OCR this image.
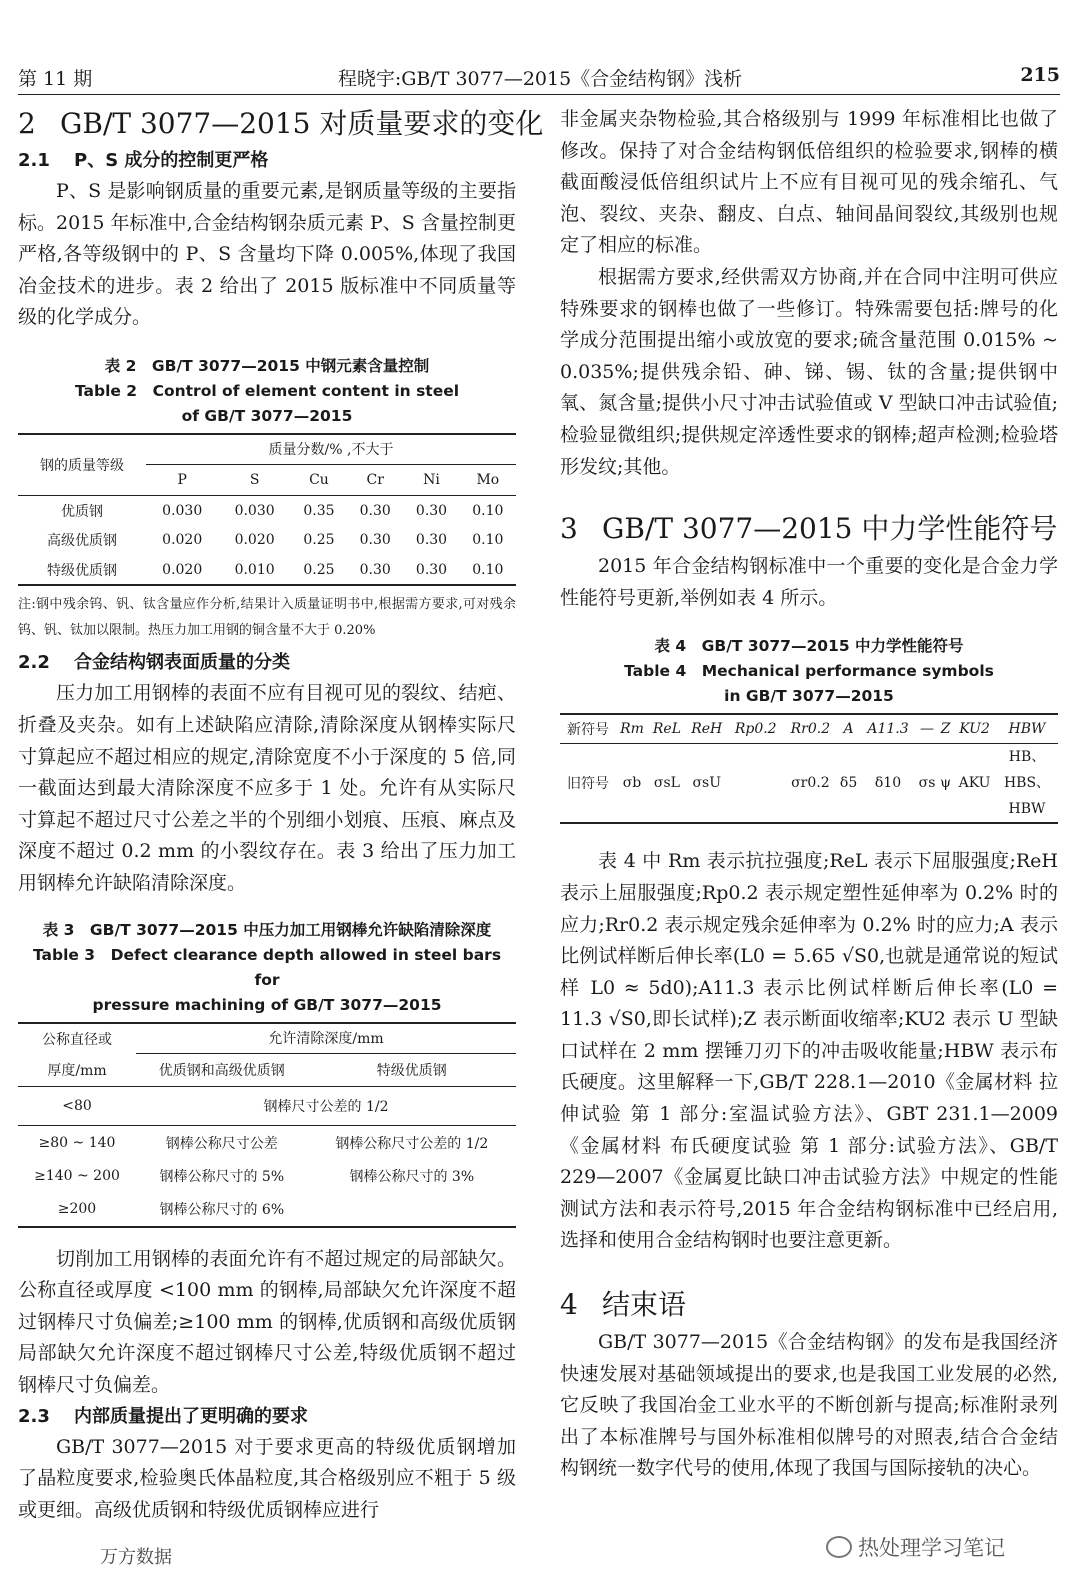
第 11 期	程晓宇:GB/T 3077—2015《合金结构钢》浅析	215
2 GB/T 3077—2015 对质量要求的变化
2.1 P、S 成分的控制更严格

P、S 是影响钢质量的重要元素,是钢质量等级的主要指标。2015 年标准中,合金结构钢杂质元素 P、S 含量控制更严格,各等级钢中的 P、S 含量均下降 0.005%,体现了我国冶金技术的进步。表 2 给出了 2015 版标准中不同质量等级的化学成分。

表 2　GB/T 3077—2015 中钢元素含量控制
Table 2　Control of element content in steel
of GB/T 3077—2015
钢的质量等级	质量分数/% ,不大于					
	P	S	Cu	Cr	Ni	Mo
优质钢	0.030	0.030	0.35	0.30	0.30	0.10
高级优质钢	0.020	0.020	0.25	0.30	0.30	0.10
特级优质钢	0.020	0.010	0.25	0.30	0.30	0.10
注:钢中残余钨、钒、钛含量应作分析,结果计入质量证明书中,根据需方要求,可对残余钨、钒、钛加以限制。热压力加工用钢的铜含量不大于 0.20%
2.2 合金结构钢表面质量的分类

压力加工用钢棒的表面不应有目视可见的裂纹、结疤、折叠及夹杂。如有上述缺陷应清除,清除深度从钢棒实际尺寸算起应不超过相应的规定,清除宽度不小于深度的 5 倍,同一截面达到最大清除深度不应多于 1 处。允许有从实际尺寸算起不超过尺寸公差之半的个别细小划痕、压痕、麻点及深度不超过 0.2 mm 的小裂纹存在。表 3 给出了压力加工用钢棒允许缺陷清除深度。

表 3　GB/T 3077—2015 中压力加工用钢棒允许缺陷清除深度
Table 3　Defect clearance depth allowed in steel bars for
pressure machining of GB/T 3077—2015
公称直径或	允许清除深度/mm	
厚度/mm	优质钢和高级优质钢	特级优质钢
<80	钢棒尺寸公差的 1/2	
≥80 ~ 140	钢棒公称尺寸公差	钢棒公称尺寸公差的 1/2
≥140 ~ 200	钢棒公称尺寸的 5%	钢棒公称尺寸的 3%
≥200	钢棒公称尺寸的 6%	

切削加工用钢棒的表面允许有不超过规定的局部缺欠。公称直径或厚度 <100 mm 的钢棒,局部缺欠允许深度不超过钢棒尺寸负偏差;≥100 mm 的钢棒,优质钢和高级优质钢局部缺欠允许深度不超过钢棒尺寸公差,特级优质钢不超过钢棒尺寸负偏差。

2.3 内部质量提出了更明确的要求

GB/T 3077—2015 对于要求更高的特级优质钢增加了晶粒度要求,检验奥氏体晶粒度,其合格级别应不粗于 5 级或更细。高级优质钢和特级优质钢棒应进行

非金属夹杂物检验,其合格级别与 1999 年标准相比也做了修改。保持了对合金结构钢低倍组织的检验要求,钢棒的横截面酸浸低倍组织试片上不应有目视可见的残余缩孔、气泡、裂纹、夹杂、翻皮、白点、轴间晶间裂纹,其级别也规定了相应的标准。

根据需方要求,经供需双方协商,并在合同中注明可供应特殊要求的钢棒也做了一些修订。特殊需要包括:牌号的化学成分范围提出缩小或放宽的要求;硫含量范围 0.015% ~ 0.035%;提供残余铅、砷、锑、锡、钛的含量;提供钢中氧、氮含量;提供小尺寸冲击试验值或 V 型缺口冲击试验值;检验显微组织;提供规定淬透性要求的钢棒;超声检测;检验塔形发纹;其他。

3 GB/T 3077—2015 中力学性能符号

2015 年合金结构钢标准中一个重要的变化是合金力学性能符号更新,举例如表 4 所示。

表 4　GB/T 3077—2015 中力学性能符号
Table 4　Mechanical performance symbols
in GB/T 3077—2015
新符号	Rm	ReL	ReH	Rp0.2	Rr0.2	A	A11.3	—	Z	KU2	HBW
旧符号	σb	σsL	σsU		σr0.2	δ5	δ10	σs	ψ	AKU	HB、HBS、HBW

表 4 中 Rm 表示抗拉强度;ReL 表示下屈服强度;ReH 表示上屈服强度;Rp0.2 表示规定塑性延伸率为 0.2% 时的应力;Rr0.2 表示规定残余延伸率为 0.2% 时的应力;A 表示比例试样断后伸长率(L0 = 5.65 √S0,也就是通常说的短试样 L0 ≈ 5d0);A11.3 表示比例试样断后伸长率(L0 = 11.3 √S0,即长试样);Z 表示断面收缩率;KU2 表示 U 型缺口试样在 2 mm 摆锤刀刃下的冲击吸收能量;HBW 表示布氏硬度。这里解释一下,GB/T 228.1—2010《金属材料 拉伸试验 第 1 部分:室温试验方法》、GBT 231.1—2009《金属材料 布氏硬度试验 第 1 部分:试验方法》、GB/T 229—2007《金属夏比缺口冲击试验方法》中规定的性能测试方法和表示符号,2015 年合金结构钢标准中已经启用,选择和使用合金结构钢时也要注意更新。

4 结束语

GB/T 3077—2015《合金结构钢》的发布是我国经济快速发展对基础领域提出的要求,也是我国工业发展的必然,它反映了我国冶金工业水平的不断创新与提高;标准附录列出了本标准牌号与国外标准相似牌号的对照表,结合合金结构钢统一数字代号的使用,体现了我国与国际接轨的决心。

万方数据	热处理学习笔记
